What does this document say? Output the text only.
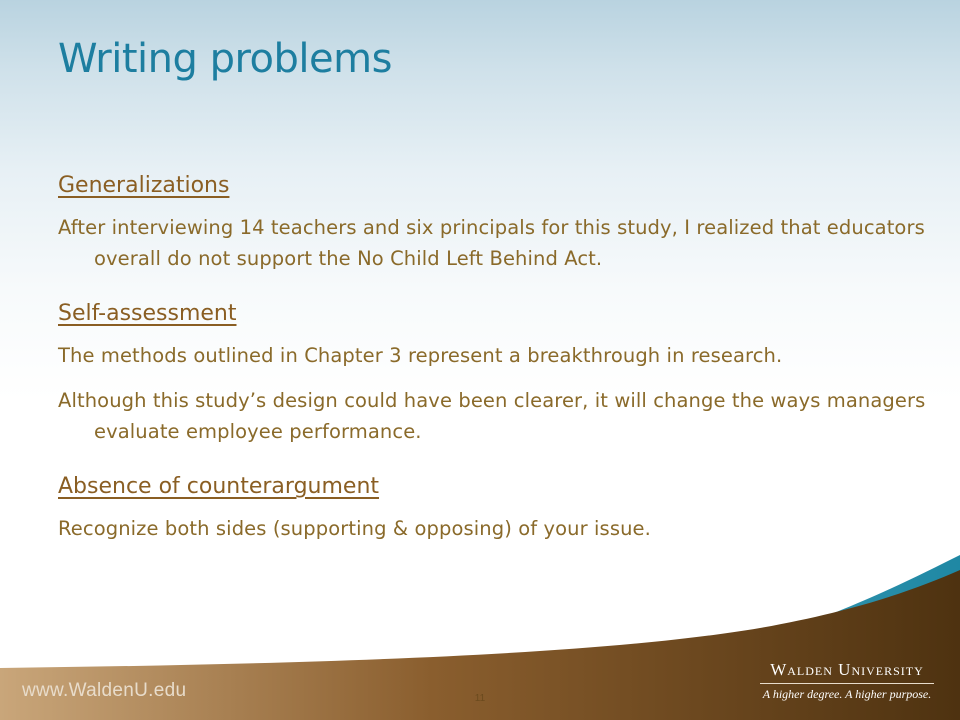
Writing problems
Generalizations
After interviewing 14 teachers and six principals for this study, I realized that educators overall do not support the No Child Left Behind Act.
Self-assessment
The methods outlined in Chapter 3 represent a breakthrough in research.
Although this study’s design could have been clearer, it will change the ways managers evaluate employee performance.
Absence of counterargument
Recognize both sides (supporting & opposing) of your issue.
www.WaldenU.edu	11
Walden University
A higher degree. A higher purpose.
